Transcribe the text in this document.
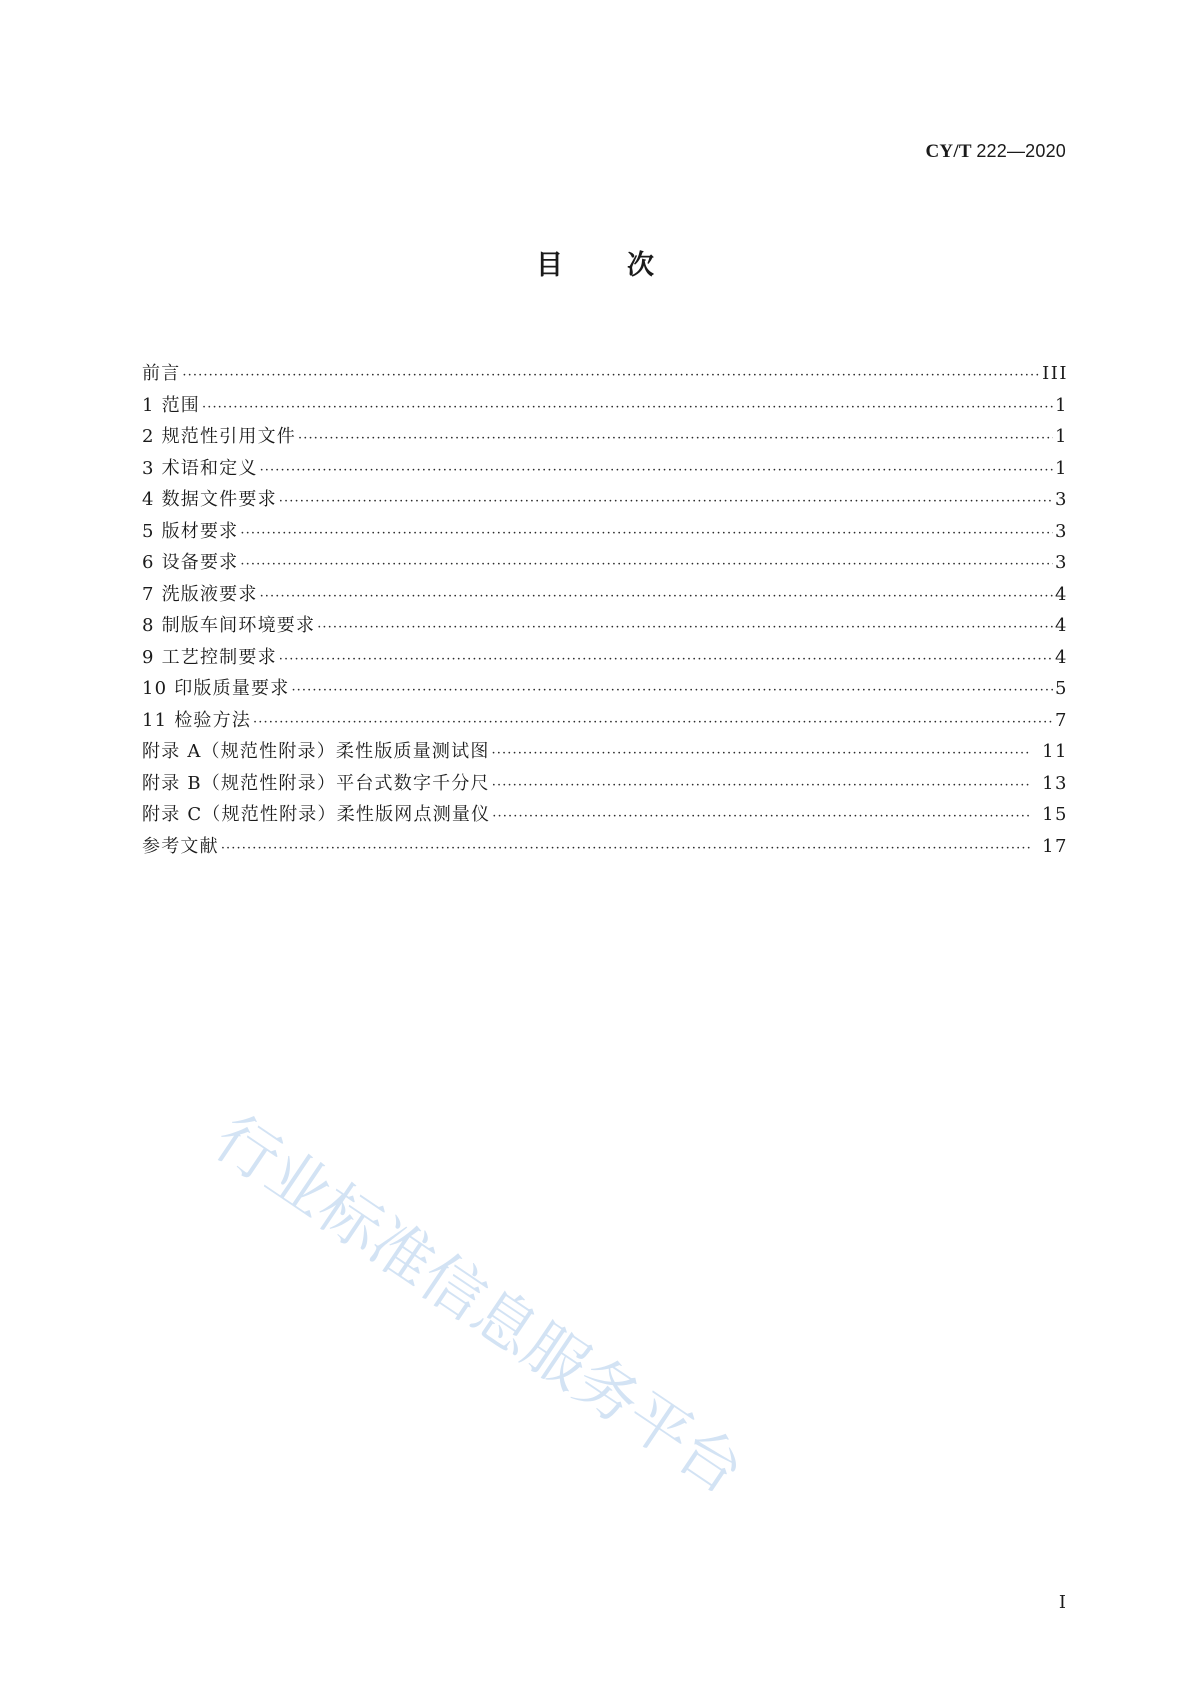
CY/T 222—2020
目 次
前言 ·····	III
1 范围 ·····	1
2 规范性引用文件 ·····	1
3 术语和定义 ·····	1
4 数据文件要求 ·····	3
5 版材要求 ·····	3
6 设备要求 ·····	3
7 洗版液要求 ·····	4
8 制版车间环境要求 ·····	4
9 工艺控制要求 ·····	4
10 印版质量要求 ·····	5
11 检验方法 ·····	7
附录 A（规范性附录）柔性版质量测试图 ·····	11
附录 B（规范性附录）平台式数字千分尺 ·····	13
附录 C（规范性附录）柔性版网点测量仪 ·····	15
参考文献 ·····	17
行业标准信息服务平台
I
